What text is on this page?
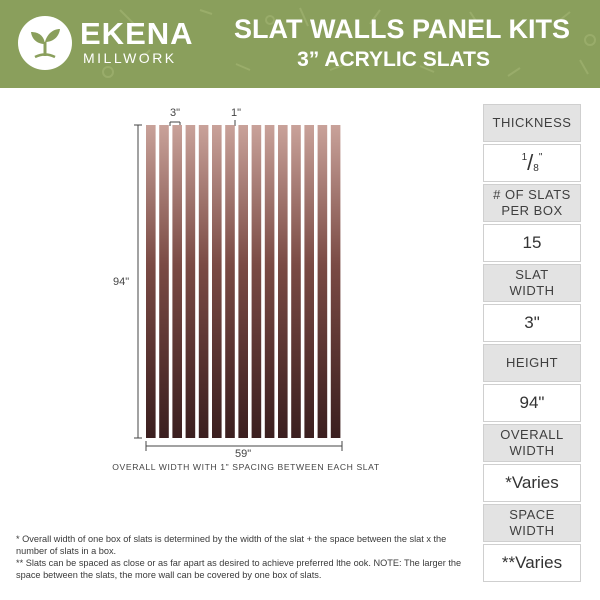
EKENA
MILLWORK
SLAT WALLS PANEL KITS
3” ACRYLIC SLATS
3"	1"
94"
59"
OVERALL WIDTH WITH 1" SPACING BETWEEN EACH SLAT
THICKNESS
1 / 8
"
# OF SLATS
PER BOX
15
SLAT
WIDTH
3"
HEIGHT
94"
OVERALL
WIDTH
*Varies
SPACE
WIDTH
**Varies

* Overall width of one box of slats is determined by the width of the slat + the space between the slat x the number of slats in a box.

** Slats can be spaced as close or as far apart as desired to achieve preferred lthe ook. NOTE: The larger the space between the slats, the more wall can be covered by one box of slats.
